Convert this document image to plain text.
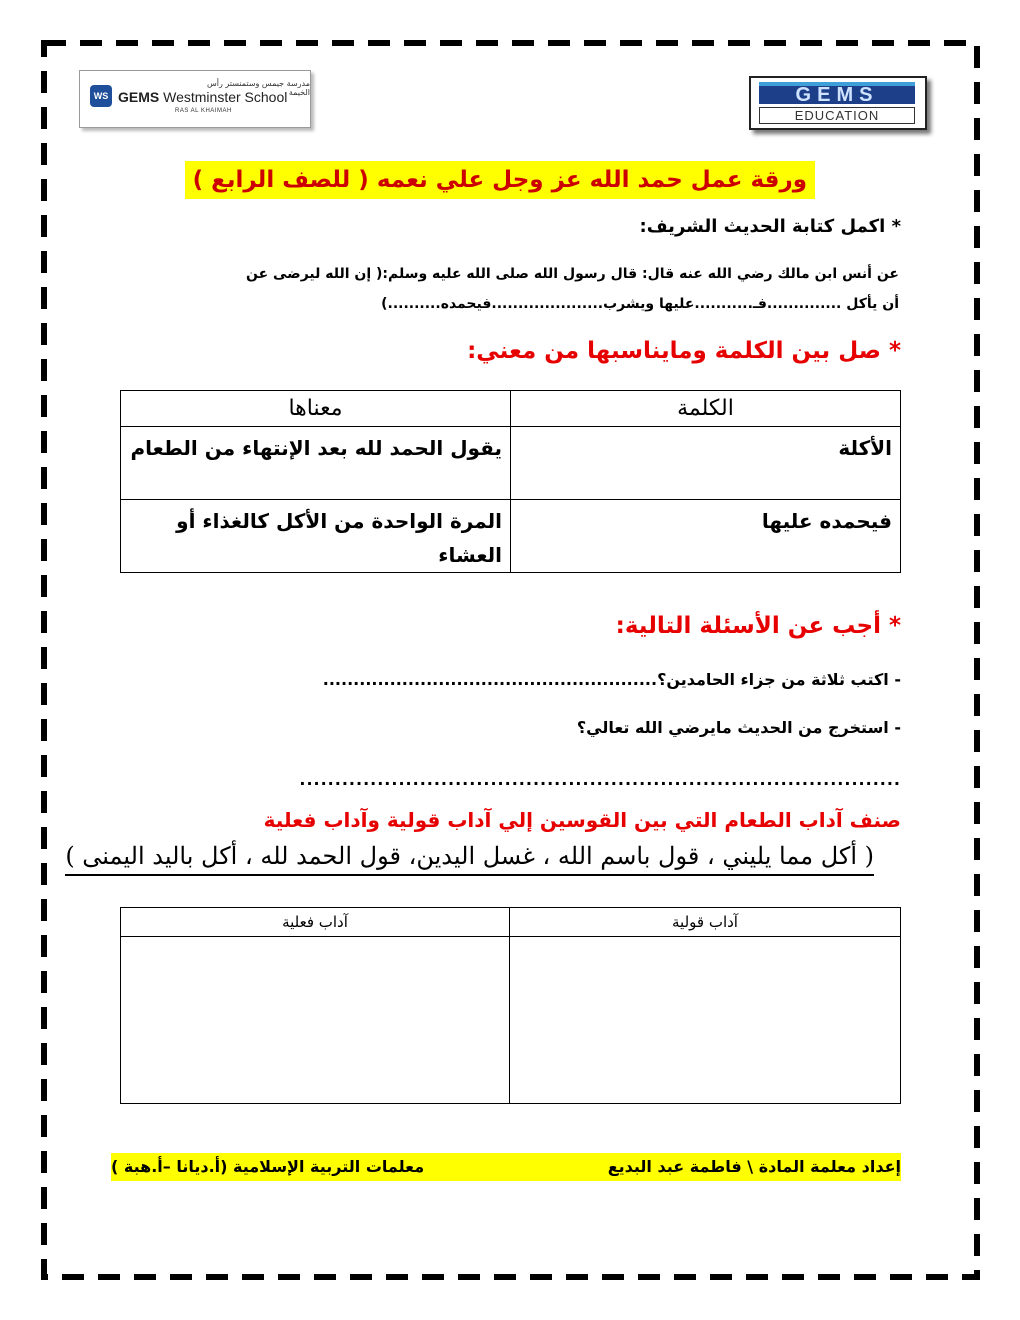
WS
مدرسة جيمس وستمنستر رأس الخيمة
GEMS Westminster School
RAS AL KHAIMAH
GEMS
EDUCATION
ورقة عمل حمد الله عز وجل علي نعمه ( للصف الرابع )
* اكمل كتابة الحديث الشريف:
عن أنس ابن مالك رضي الله عنه قال: قال رسول الله صلى الله عليه وسلم:( إن الله ليرضى عن
أن يأكل ..............فـ...........عليها ويشرب.....................فيحمده..........)
* صل بين الكلمة ومايناسبها من معني:
الكلمة	معناها
الأكلة	يقول الحمد لله بعد الإنتهاء من الطعام
فيحمده عليها	المرة الواحدة من الأكل كالغذاء أو العشاء
* أجب عن الأسئلة التالية:
- اكتب ثلاثة من جزاء الحامدين؟.......................................................
- استخرج من الحديث مايرضي الله تعالي؟
.....................................................................................
صنف آداب الطعام التي بين القوسين إلي آداب قولية وآداب فعلية
( أكل مما يليني ، قول باسم الله ، غسل اليدين، قول الحمد لله ، أكل باليد اليمنى )
آداب قولية	آداب فعلية

إعداد معلمة المادة \ فاطمة عبد البديع
معلمات التربية الإسلامية (أ.ديانا –أ.هبة )
